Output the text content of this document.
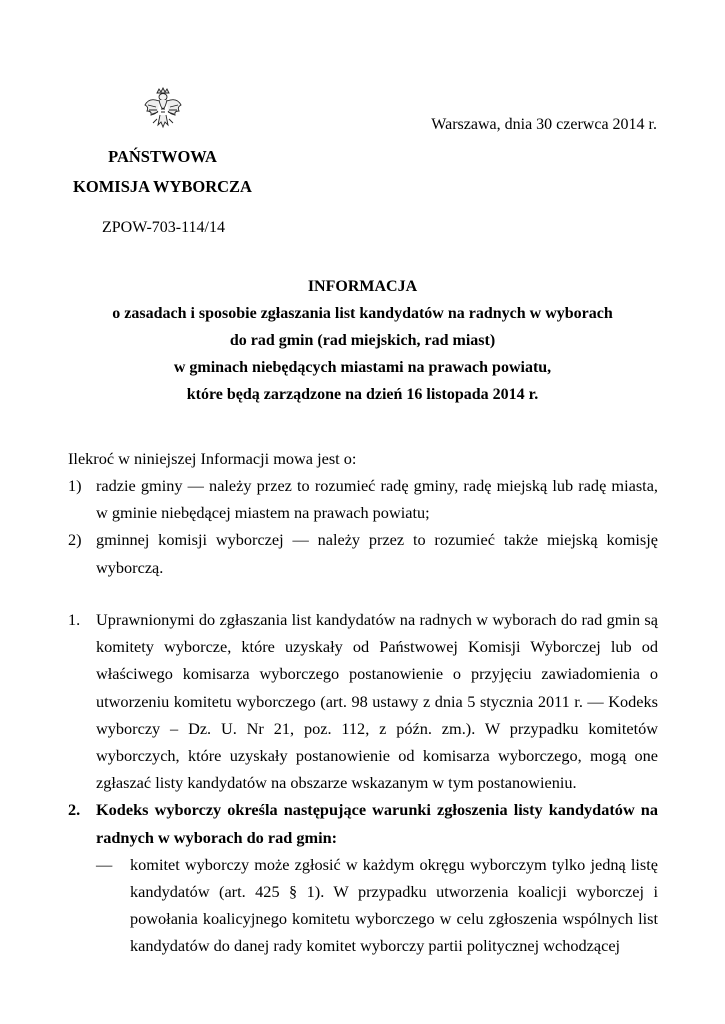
Warszawa, dnia 30 czerwca 2014 r.
PAŃSTWOWA
KOMISJA WYBORCZA
ZPOW-703-114/14
INFORMACJA
o zasadach i sposobie zgłaszania list kandydatów na radnych w wyborach
do rad gmin (rad miejskich, rad miast)
w gminach niebędących miastami na prawach powiatu,
które będą zarządzone na dzień 16 listopada 2014 r.
Ilekroć w niniejszej Informacji mowa jest o:
1) radzie gminy — należy przez to rozumieć radę gminy, radę miejską lub radę miasta, w gminie niebędącej miastem na prawach powiatu;
2) gminnej komisji wyborczej — należy przez to rozumieć także miejską komisję wyborczą.
1. Uprawnionymi do zgłaszania list kandydatów na radnych w wyborach do rad gmin są komitety wyborcze, które uzyskały od Państwowej Komisji Wyborczej lub od właściwego komisarza wyborczego postanowienie o przyjęciu zawiadomienia o utworzeniu komitetu wyborczego (art. 98 ustawy z dnia 5 stycznia 2011 r. — Kodeks wyborczy – Dz. U. Nr 21, poz. 112, z późn. zm.). W przypadku komitetów wyborczych, które uzyskały postanowienie od komisarza wyborczego, mogą one zgłaszać listy kandydatów na obszarze wskazanym w tym postanowieniu.
2. Kodeks wyborczy określa następujące warunki zgłoszenia listy kandydatów na radnych w wyborach do rad gmin:
— komitet wyborczy może zgłosić w każdym okręgu wyborczym tylko jedną listę kandydatów (art. 425 § 1). W przypadku utworzenia koalicji wyborczej i powołania koalicyjnego komitetu wyborczego w celu zgłoszenia wspólnych list kandydatów do danej rady komitet wyborczy partii politycznej wchodzącej
